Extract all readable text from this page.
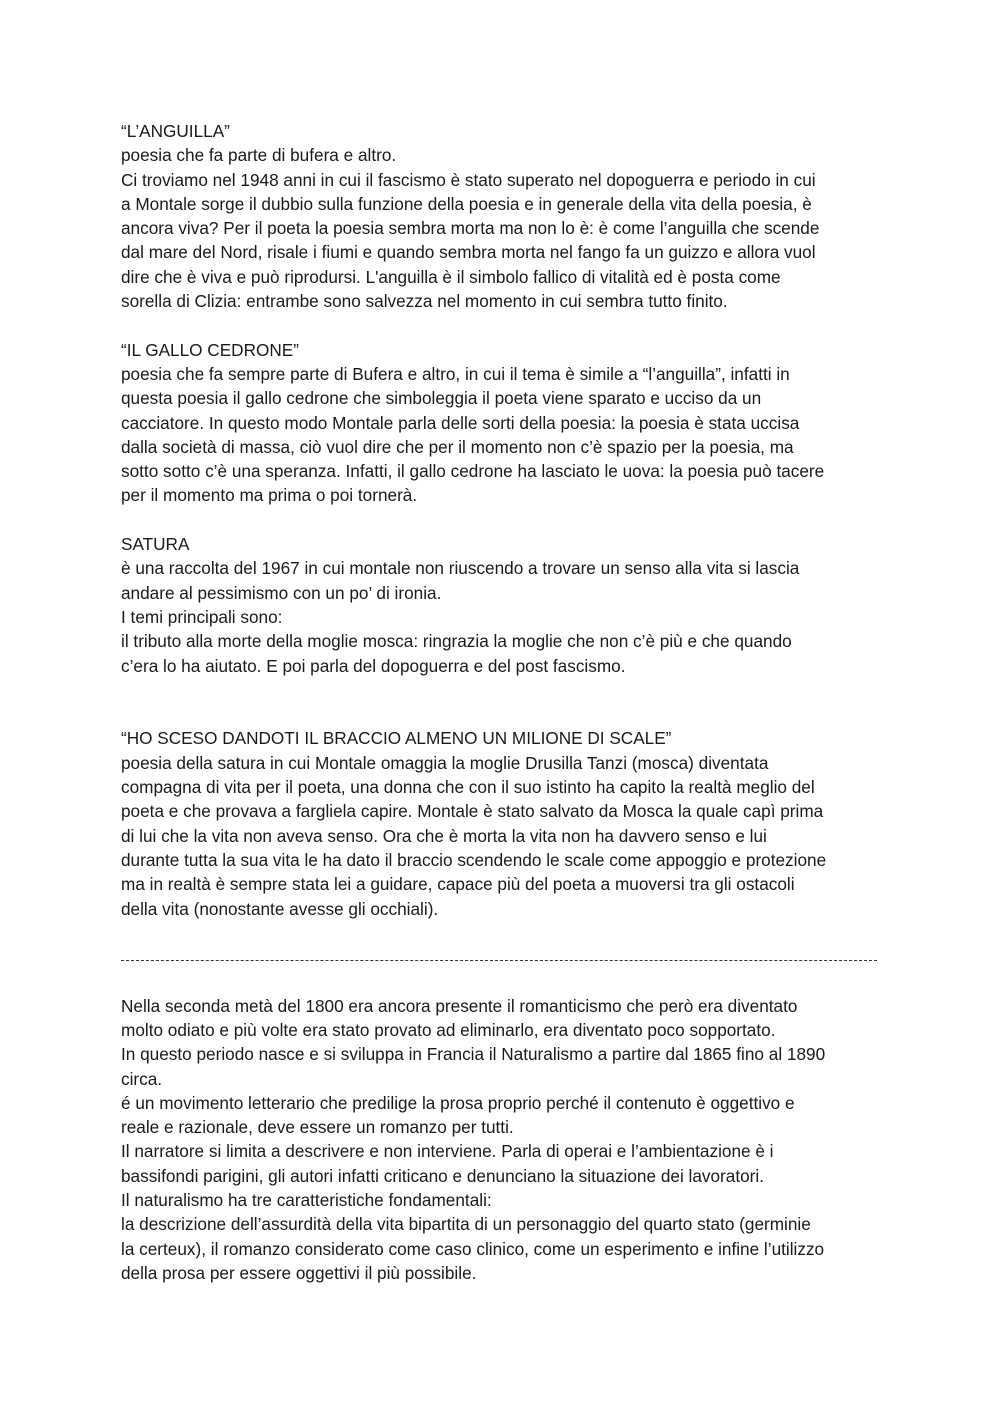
“L’ANGUILLA”
poesia che fa parte di bufera e altro.
Ci troviamo nel 1948 anni in cui il fascismo è stato superato nel dopoguerra e periodo in cui
a Montale sorge il dubbio sulla funzione della poesia e in generale della vita della poesia, è
ancora viva? Per il poeta la poesia sembra morta ma non lo è: è come l’anguilla che scende
dal mare del Nord, risale i fiumi e quando sembra morta nel fango fa un guizzo e allora vuol
dire che è viva e può riprodursi. L'anguilla è il simbolo fallico di vitalità ed è posta come
sorella di Clizia: entrambe sono salvezza nel momento in cui sembra tutto finito.
“IL GALLO CEDRONE”
poesia che fa sempre parte di Bufera e altro, in cui il tema è simile a “l’anguilla”, infatti in
questa poesia il gallo cedrone che simboleggia il poeta viene sparato e ucciso da un
cacciatore. In questo modo Montale parla delle sorti della poesia: la poesia è stata uccisa
dalla società di massa, ciò vuol dire che per il momento non c’è spazio per la poesia, ma
sotto sotto c’è una speranza. Infatti, il gallo cedrone ha lasciato le uova: la poesia può tacere
per il momento ma prima o poi tornerà.
SATURA
è una raccolta del 1967 in cui montale non riuscendo a trovare un senso alla vita si lascia
andare al pessimismo con un po’ di ironia.
I temi principali sono:
il tributo alla morte della moglie mosca: ringrazia la moglie che non c’è più e che quando
c’era lo ha aiutato. E poi parla del dopoguerra e del post fascismo.
“HO SCESO DANDOTI IL BRACCIO ALMENO UN MILIONE DI SCALE”
poesia della satura in cui Montale omaggia la moglie Drusilla Tanzi (mosca) diventata
compagna di vita per il poeta, una donna che con il suo istinto ha capito la realtà meglio del
poeta e che provava a fargliela capire. Montale è stato salvato da Mosca la quale capì prima
di lui che la vita non aveva senso. Ora che è morta la vita non ha davvero senso e lui
durante tutta la sua vita le ha dato il braccio scendendo le scale come appoggio e protezione
ma in realtà è sempre stata lei a guidare, capace più del poeta a muoversi tra gli ostacoli
della vita (nonostante avesse gli occhiali).
Nella seconda metà del 1800 era ancora presente il romanticismo che però era diventato
molto odiato e più volte era stato provato ad eliminarlo, era diventato poco sopportato.
In questo periodo nasce e si sviluppa in Francia il Naturalismo a partire dal 1865 fino al 1890
circa.
é un movimento letterario che predilige la prosa proprio perché il contenuto è oggettivo e
reale e razionale, deve essere un romanzo per tutti.
Il narratore si limita a descrivere e non interviene. Parla di operai e l’ambientazione è i
bassifondi parigini, gli autori infatti criticano e denunciano la situazione dei lavoratori.
Il naturalismo ha tre caratteristiche fondamentali:
la descrizione dell’assurdità della vita bipartita di un personaggio del quarto stato (germinie
la certeux), il romanzo considerato come caso clinico, come un esperimento e infine l’utilizzo
della prosa per essere oggettivi il più possibile.
